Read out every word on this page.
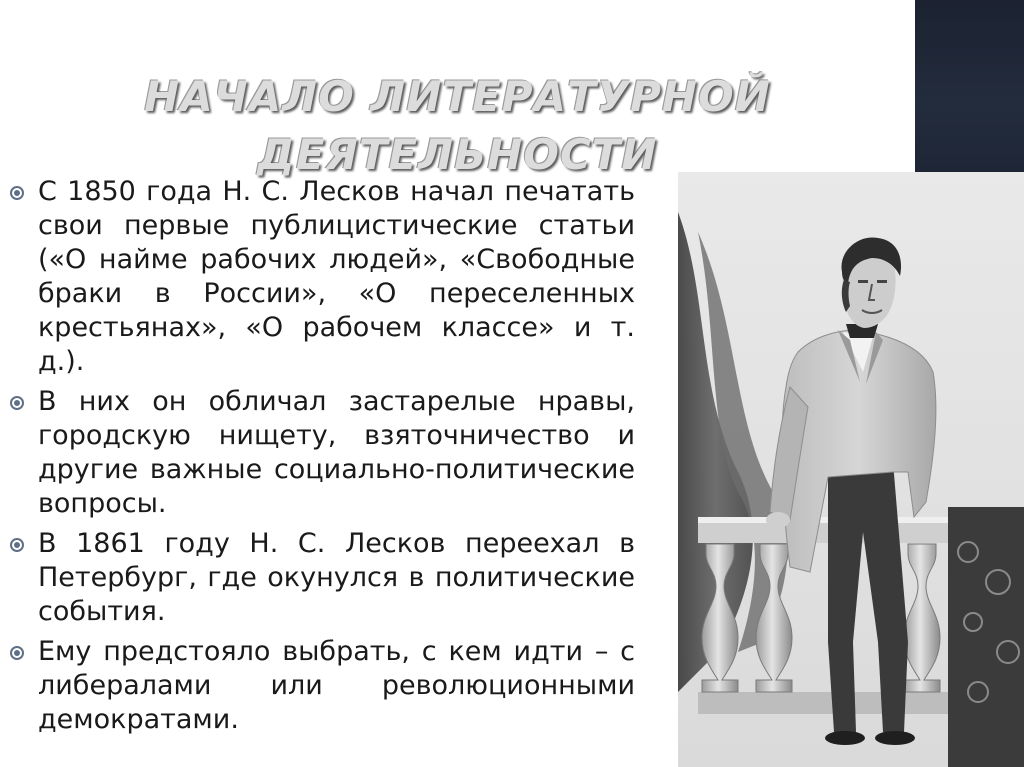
НАЧАЛО ЛИТЕРАТУРНОЙ
ДЕЯТЕЛЬНОСТИ
С 1850 года Н. С. Лесков начал печатать свои первые публицистические статьи («О найме рабочих людей», «Свободные браки в России», «О переселенных крестьянах», «О рабочем классе» и т. д.).
В них он обличал застарелые нравы, городскую нищету, взяточничество и другие важные социально-политические вопросы.
В 1861 году Н. С. Лесков переехал в Петербург, где окунулся в политические события.
Ему предстояло выбрать, с кем идти – с либералами или революционными демократами.
